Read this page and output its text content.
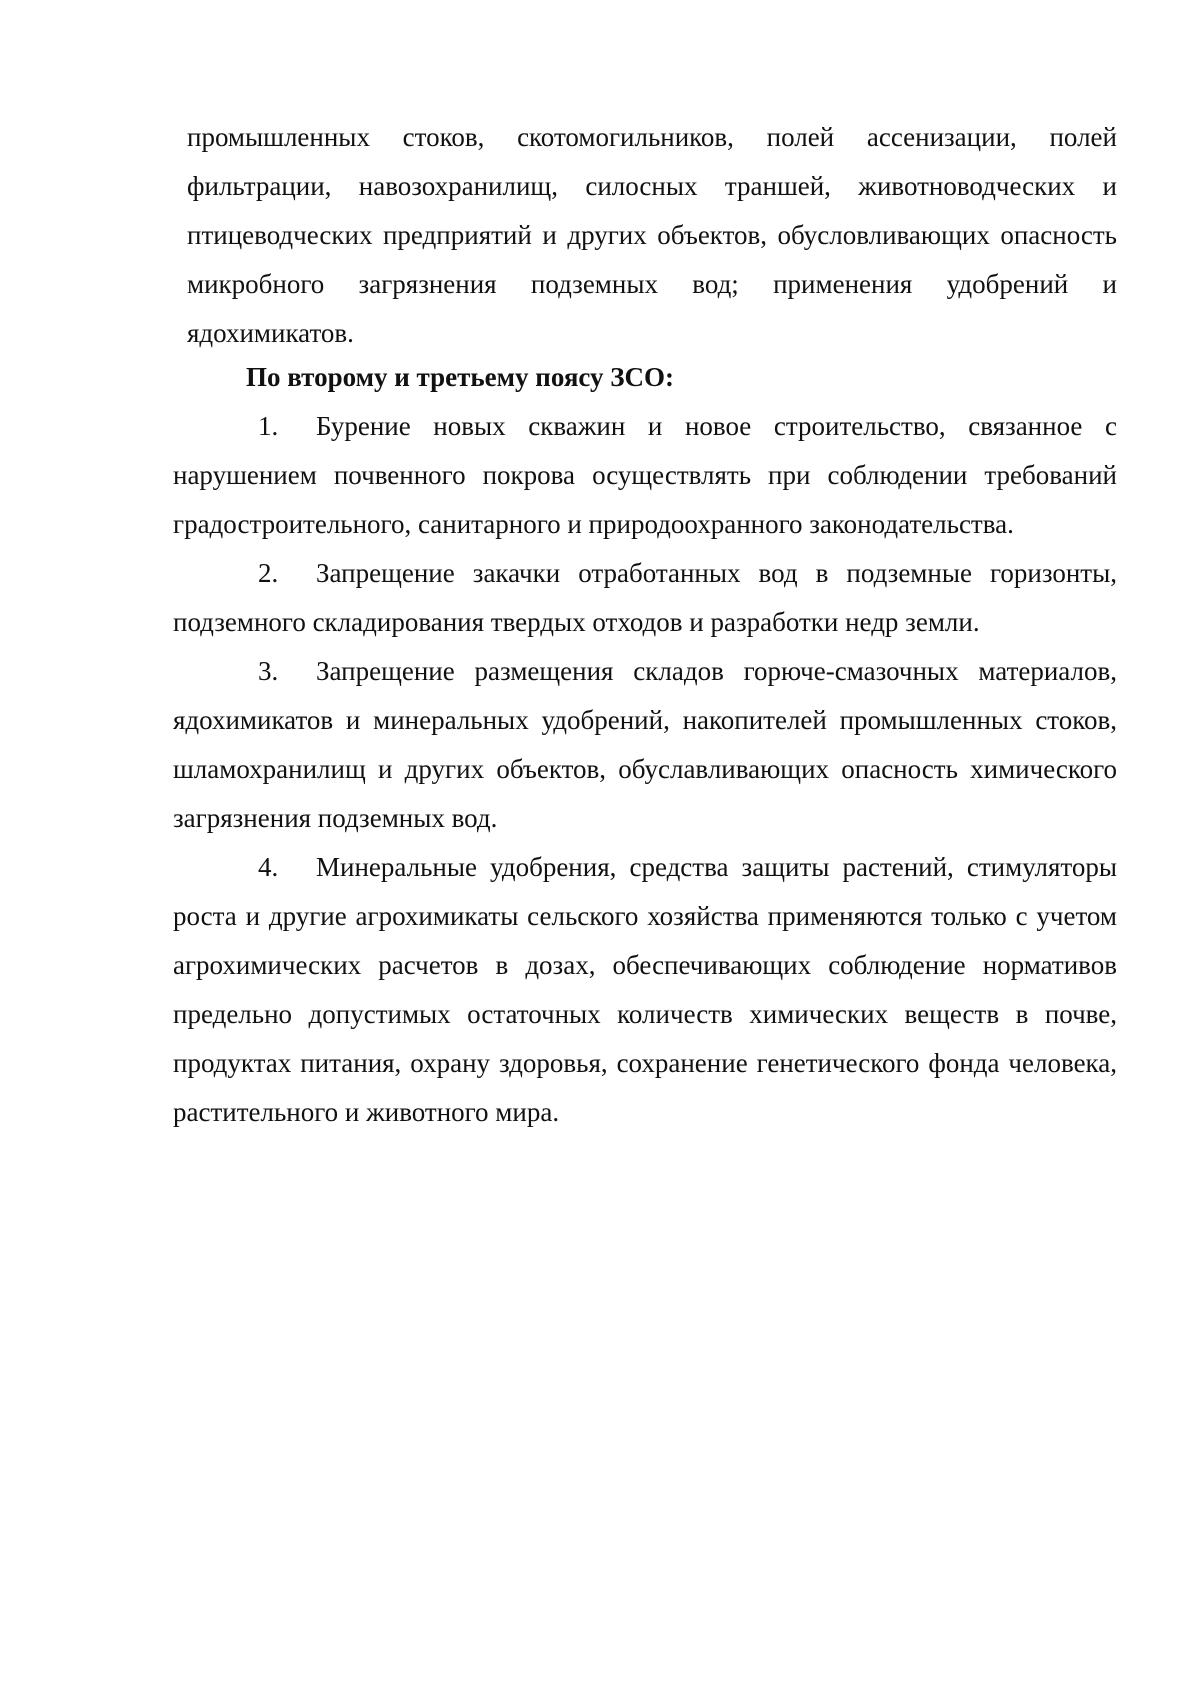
промышленных стоков, скотомогильников, полей ассенизации, полей фильтрации, навозохранилищ, силосных траншей, животноводческих и птицеводческих предприятий и других объектов, обусловливающих опасность микробного загрязнения подземных вод; применения удобрений и ядохимикатов.

По второму и третьему поясу ЗСО:

1. Бурение новых скважин и новое строительство, связанное с нарушением почвенного покрова осуществлять при соблюдении требований градостроительного, санитарного и природоохранного законодательства.

2. Запрещение закачки отработанных вод в подземные горизонты, подземного складирования твердых отходов и разработки недр земли.

3. Запрещение размещения складов горюче-смазочных материалов, ядохимикатов и минеральных удобрений, накопителей промышленных стоков, шламохранилищ и других объектов, обуславливающих опасность химического загрязнения подземных вод.

4. Минеральные удобрения, средства защиты растений, стимуляторы роста и другие агрохимикаты сельского хозяйства применяются только с учетом агрохимических расчетов в дозах, обеспечивающих соблюдение нормативов предельно допустимых остаточных количеств химических веществ в почве, продуктах питания, охрану здоровья, сохранение генетического фонда человека, растительного и животного мира.
